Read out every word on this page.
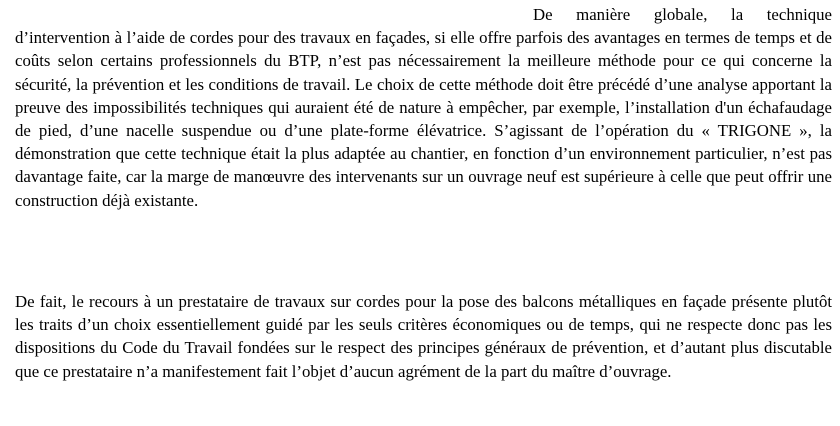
De manière globale, la technique d’intervention à l’aide de cordes pour des travaux en façades, si elle offre parfois des avantages en termes de temps et de coûts selon certains professionnels du BTP, n’est pas nécessairement la meilleure méthode pour ce qui concerne la sécurité, la prévention et les conditions de travail. Le choix de cette méthode doit être précédé d’une analyse apportant la preuve des impossibilités techniques qui auraient été de nature à empêcher, par exemple, l’installation d'un échafaudage de pied, d’une nacelle suspendue ou d’une plate-forme élévatrice. S’agissant de l’opération du « TRIGONE », la démonstration que cette technique était la plus adaptée au chantier, en fonction d’un environnement particulier, n’est pas davantage faite, car la marge de manœuvre des intervenants sur un ouvrage neuf est supérieure à celle que peut offrir une construction déjà existante.

De fait, le recours à un prestataire de travaux sur cordes pour la pose des balcons métalliques en façade présente plutôt les traits d’un choix essentiellement guidé par les seuls critères économiques ou de temps, qui ne respecte donc pas les dispositions du Code du Travail fondées sur le respect des principes généraux de prévention, et d’autant plus discutable que ce prestataire n’a manifestement fait l’objet d’aucun agrément de la part du maître d’ouvrage.
